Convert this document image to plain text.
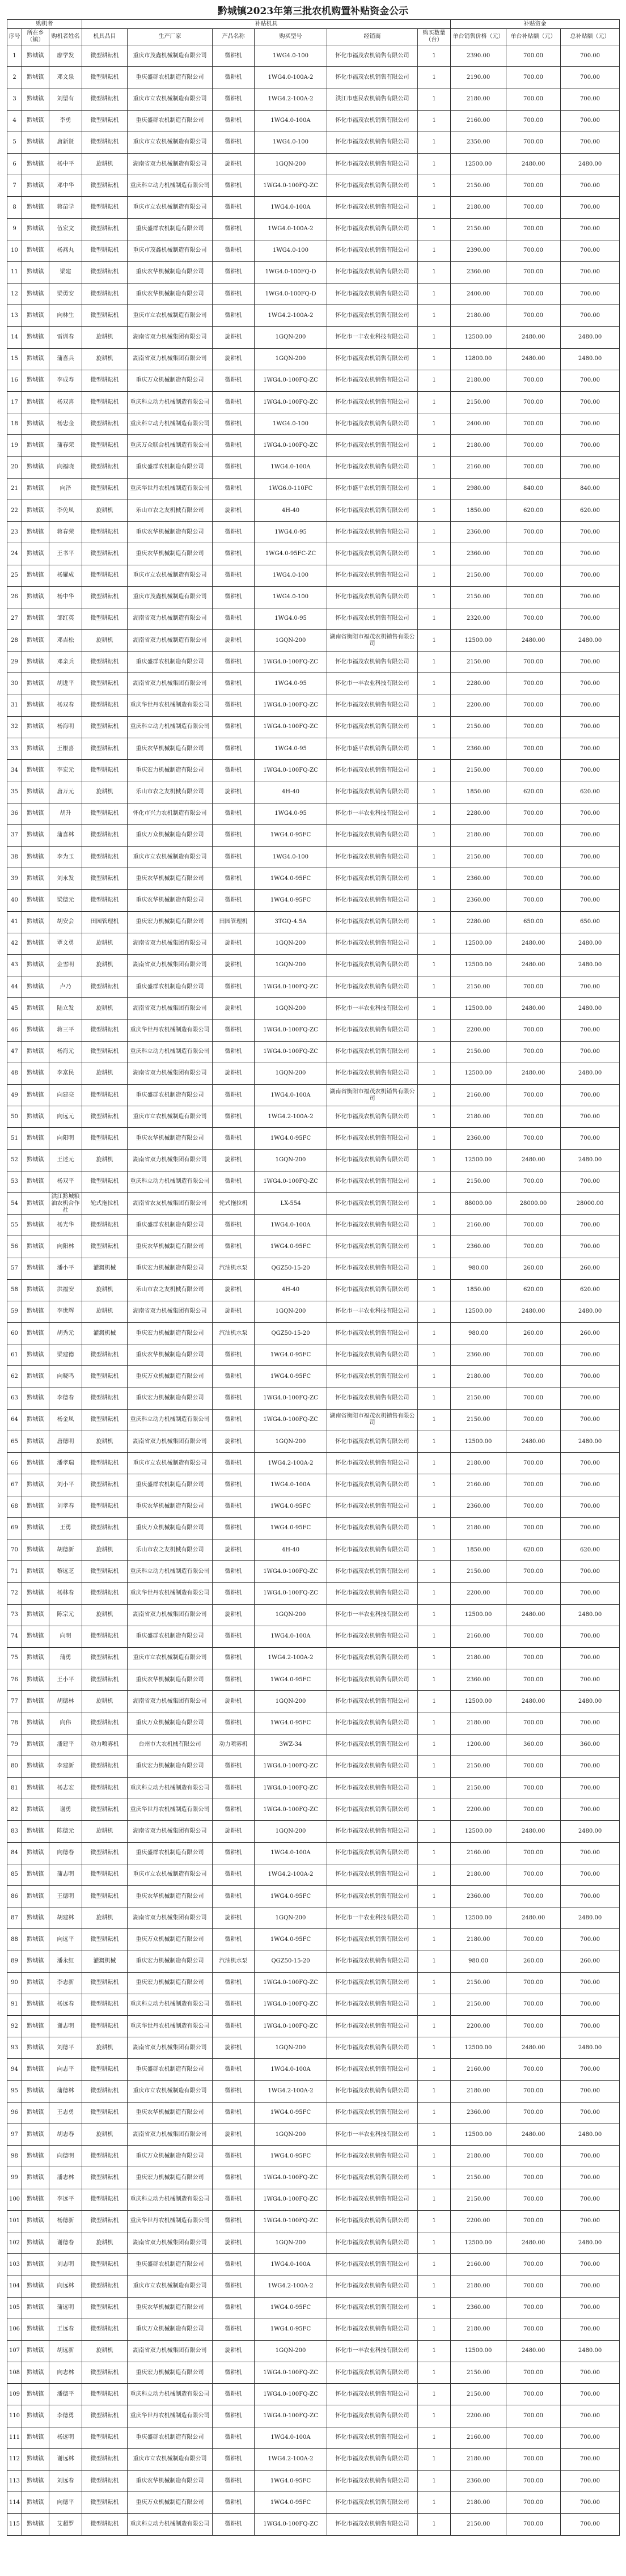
黔城镇2023年第三批农机购置补贴资金公示
购机者			补贴机具						补贴资金		
序号	所在乡（镇）	购机者姓名	机具品目	生产厂家	产品名称	购买型号	经销商	购买数量（台）	单台销售价格（元）	单台补贴额（元）	总补贴额（元）
1	黔城镇	廖学发	微型耕耘机	重庆市茂鑫机械制造有限公司	微耕机	1WG4.0-100	怀化市福茂农机销售有限公司	1	2390.00	700.00	700.00
2	黔城镇	邓文泉	微型耕耘机	重庆盛群农机制造有限公司	微耕机	1WG4.0-100A-2	怀化市福茂农机销售有限公司	1	2190.00	700.00	700.00
3	黔城镇	刘望有	微型耕耘机	重庆市立农机械制造有限公司	微耕机	1WG4.2-100A-2	洪江市惠民农机销售有限公司	1	2180.00	700.00	700.00
4	黔城镇	李勇	微型耕耘机	重庆盛群农机制造有限公司	微耕机	1WG4.0-100A	怀化市福茂农机销售有限公司	1	2160.00	700.00	700.00
5	黔城镇	唐新贤	微型耕耘机	重庆市立农机械制造有限公司	微耕机	1WG4.0-100	怀化市福茂农机销售有限公司	1	2350.00	700.00	700.00
6	黔城镇	杨中平	旋耕机	湖南省双力机械制造有限公司	旋耕机	1GQN-200	怀化市福茂农机销售有限公司	1	12500.00	2480.00	2480.00
7	黔城镇	邓中华	微型耕耘机	重庆科立动力机械制造有限公司	微耕机	1WG4.0-100FQ-ZC	怀化市福茂农机销售有限公司	1	2150.00	700.00	700.00
8	黔城镇	蒋苗学	微型耕耘机	重庆市立农机械制造有限公司	微耕机	1WG4.0-100A	怀化市福茂农机销售有限公司	1	2180.00	700.00	700.00
9	黔城镇	伍宏文	微型耕耘机	重庆盛群农机制造有限公司	微耕机	1WG4.0-100A-2	怀化市福茂农机销售有限公司	1	2150.00	700.00	700.00
10	黔城镇	杨燕丸	微型耕耘机	重庆市茂鑫机械制造有限公司	微耕机	1WG4.0-100	怀化市福茂农机销售有限公司	1	2390.00	700.00	700.00
11	黔城镇	梁建	微型耕耘机	重庆农华机械制造有限公司	微耕机	1WG4.0-100FQ-D	怀化市福茂农机销售有限公司	1	2360.00	700.00	700.00
12	黔城镇	梁勇安	微型耕耘机	重庆农华机械制造有限公司	微耕机	1WG4.0-100FQ-D	怀化市福茂农机销售有限公司	1	2400.00	700.00	700.00
13	黔城镇	向林生	微型耕耘机	重庆市立农机械制造有限公司	微耕机	1WG4.2-100A-2	怀化市福茂农机销售有限公司	1	2180.00	700.00	700.00
14	黔城镇	雷训春	旋耕机	湖南省双力机械集团有限公司	旋耕机	1GQN-200	怀化市一丰农业科技有限公司	1	12500.00	2480.00	2480.00
15	黔城镇	蒲喜兵	旋耕机	湖南省双力机械集团有限公司	旋耕机	1GQN-200	怀化市福茂农机销售有限公司	1	12800.00	2480.00	2480.00
16	黔城镇	李成寿	微型耕耘机	重庆万众机械制造有限公司	微耕机	1WG4.0-100FQ-ZC	怀化市福茂农机销售有限公司	1	2180.00	700.00	700.00
17	黔城镇	杨双喜	微型耕耘机	重庆科立动力机械制造有限公司	微耕机	1WG4.0-100FQ-ZC	怀化市福茂农机销售有限公司	1	2150.00	700.00	700.00
18	黔城镇	杨忠金	微型耕耘机	重庆科立动力机械制造有限公司	微耕机	1WG4.0-100	怀化市福茂农机销售有限公司	1	2400.00	700.00	700.00
19	黔城镇	蒲春荣	微型耕耘机	重庆万众联合机械制造有限公司	微耕机	1WG4.0-100FQ-ZC	怀化市福茂农机销售有限公司	1	2180.00	700.00	700.00
20	黔城镇	向福晓	微型耕耘机	重庆盛群农机制造有限公司	微耕机	1WG4.0-100A	怀化市福茂农机销售有限公司	1	2160.00	700.00	700.00
21	黔城镇	向泽	微型耕耘机	重庆华世丹农机械制造有限公司	微耕机	1WG6.0-110FC	怀化市盛平农机销售有限公司	1	2980.00	840.00	840.00
22	黔城镇	李免凤	旋耕机	乐山市农之友机械有限公司	旋耕机	4H-40	怀化市福茂农机销售有限公司	1	1850.00	620.00	620.00
23	黔城镇	蒋春荣	微型耕耘机	重庆农华机械制造有限公司	微耕机	1WG4.0-95	怀化市福茂农机销售有限公司	1	2360.00	700.00	700.00
24	黔城镇	王书平	微型耕耘机	重庆农华机械制造有限公司	微耕机	1WG4.0-95FC-ZC	怀化市福茂农机销售有限公司	1	2360.00	700.00	700.00
25	黔城镇	杨耀成	微型耕耘机	重庆市立农机械制造有限公司	微耕机	1WG4.0-100	怀化市福茂农机销售有限公司	1	2150.00	700.00	700.00
26	黔城镇	杨中华	微型耕耘机	重庆市茂鑫机械制造有限公司	微耕机	1WG4.0-100	怀化市福茂农机销售有限公司	1	2150.00	700.00	700.00
27	黔城镇	邹红英	微型耕耘机	湖南省双力机械制造有限公司	微耕机	1WG4.0-95	怀化市福茂农机销售有限公司	1	2320.00	700.00	700.00
28	黔城镇	邓吉松	旋耕机	湖南省双力机械制造有限公司	旋耕机	1GQN-200	湖南省衡阳市福茂农机销售有限公司	1	12500.00	2480.00	2480.00
29	黔城镇	邓亲兵	微型耕耘机	重庆盛群农机制造有限公司	微耕机	1WG4.0-100FQ-ZC	怀化市福茂农机销售有限公司	1	2150.00	700.00	700.00
30	黔城镇	胡进平	微型耕耘机	湖南省双力机械集团有限公司	微耕机	1WG4.0-95	怀化市一丰农业科技有限公司	1	2280.00	700.00	700.00
31	黔城镇	杨双春	微型耕耘机	重庆华世丹农机械制造有限公司	微耕机	1WG4.0-100FQ-ZC	怀化市福茂农机销售有限公司	1	2200.00	700.00	700.00
32	黔城镇	杨海明	微型耕耘机	重庆科立动力机械制造有限公司	微耕机	1WG4.0-100FQ-ZC	怀化市福茂农机销售有限公司	1	2150.00	700.00	700.00
33	黔城镇	王根喜	微型耕耘机	重庆农华机械制造有限公司	微耕机	1WG4.0-95	怀化市盛平农机销售有限公司	1	2360.00	700.00	700.00
34	黔城镇	李宏元	微型耕耘机	重庆宏力机械制造有限公司	微耕机	1WG4.0-100FQ-ZC	怀化市福茂农机销售有限公司	1	2150.00	700.00	700.00
35	黔城镇	唐万元	旋耕机	乐山市农之友机械有限公司	旋耕机	4H-40	怀化市福茂农机销售有限公司	1	1850.00	620.00	620.00
36	黔城镇	胡升	微型耕耘机	怀化市兴力农机制造有限公司	微耕机	1WG4.0-95	怀化市一丰农业科技有限公司	1	2280.00	700.00	700.00
37	黔城镇	蒲喜林	微型耕耘机	重庆万众机械制造有限公司	微耕机	1WG4.0-95FC	怀化市福茂农机销售有限公司	1	2180.00	700.00	700.00
38	黔城镇	李为玉	微型耕耘机	重庆市立农机械制造有限公司	微耕机	1WG4.0-100	怀化市福茂农机销售有限公司	1	2150.00	700.00	700.00
39	黔城镇	刘永发	微型耕耘机	重庆农华机械制造有限公司	微耕机	1WG4.0-95FC	怀化市福茂农机销售有限公司	1	2360.00	700.00	700.00
40	黔城镇	梁德元	微型耕耘机	重庆农华机械制造有限公司	微耕机	1WG4.0-95FC	怀化市福茂农机销售有限公司	1	2360.00	700.00	700.00
41	黔城镇	胡安会	田园管理机	重庆宏力机械制造有限公司	田园管理机	3TGQ-4.5A	怀化市福茂农机销售有限公司	1	2280.00	650.00	650.00
42	黔城镇	覃文勇	旋耕机	湖南省双力机械集团有限公司	旋耕机	1GQN-200	怀化市福茂农机销售有限公司	1	12500.00	2480.00	2480.00
43	黔城镇	金雪明	旋耕机	湖南省双力机械集团有限公司	旋耕机	1GQN-200	怀化市福茂农机销售有限公司	1	12500.00	2480.00	2480.00
44	黔城镇	卢乃	微型耕耘机	重庆盛群农机制造有限公司	微耕机	1WG4.0-100FQ-ZC	怀化市福茂农机销售有限公司	1	2150.00	700.00	700.00
45	黔城镇	陆立发	旋耕机	湖南省双力机械集团有限公司	旋耕机	1GQN-200	怀化市一丰农业科技有限公司	1	12500.00	2480.00	2480.00
46	黔城镇	蒋三平	微型耕耘机	重庆华世丹农机械制造有限公司	微耕机	1WG4.0-100FQ-ZC	怀化市福茂农机销售有限公司	1	2200.00	700.00	700.00
47	黔城镇	杨海元	微型耕耘机	重庆科立动力机械制造有限公司	微耕机	1WG4.0-100FQ-ZC	怀化市福茂农机销售有限公司	1	2150.00	700.00	700.00
48	黔城镇	李富民	旋耕机	湖南省双力机械集团有限公司	旋耕机	1GQN-200	怀化市福茂农机销售有限公司	1	12500.00	2480.00	2480.00
49	黔城镇	向建亮	微型耕耘机	重庆盛群农机制造有限公司	微耕机	1WG4.0-100A	湖南省衡阳市福茂农机销售有限公司	1	2160.00	700.00	700.00
50	黔城镇	向远元	微型耕耘机	重庆市立农机械制造有限公司	微耕机	1WG4.2-100A-2	怀化市福茂农机销售有限公司	1	2180.00	700.00	700.00
51	黔城镇	向阳明	微型耕耘机	重庆农华机械制造有限公司	微耕机	1WG4.0-95FC	怀化市福茂农机销售有限公司	1	2360.00	700.00	700.00
52	黔城镇	王述元	旋耕机	湖南省双力机械集团有限公司	旋耕机	1GQN-200	怀化市福茂农机销售有限公司	1	12500.00	2480.00	2480.00
53	黔城镇	杨双平	微型耕耘机	重庆科立动力机械制造有限公司	微耕机	1WG4.0-100FQ-ZC	怀化市福茂农机销售有限公司	1	2150.00	700.00	700.00
54	黔城镇	洪江黔城粮油农机合作社	轮式拖拉机	湖南省农友机械集团有限公司	轮式拖拉机	LX-554	怀化市福茂农机销售有限公司	1	88000.00	28000.00	28000.00
55	黔城镇	杨光华	微型耕耘机	重庆盛群农机制造有限公司	微耕机	1WG4.0-100A	怀化市福茂农机销售有限公司	1	2160.00	700.00	700.00
56	黔城镇	向阳林	微型耕耘机	重庆农华机械制造有限公司	微耕机	1WG4.0-95FC	怀化市福茂农机销售有限公司	1	2360.00	700.00	700.00
57	黔城镇	潘小平	灌溉机械	重庆宏力机械制造有限公司	汽油机水泵	QGZ50-15-20	怀化市福茂农机销售有限公司	1	980.00	260.00	260.00
58	黔城镇	洪福安	旋耕机	乐山市农之友机械有限公司	旋耕机	4H-40	怀化市福茂农机销售有限公司	1	1850.00	620.00	620.00
59	黔城镇	李世辉	旋耕机	湖南省双力机械集团有限公司	旋耕机	1GQN-200	怀化市一丰农业科技有限公司	1	12500.00	2480.00	2480.00
60	黔城镇	胡秀元	灌溉机械	重庆宏力机械制造有限公司	汽油机水泵	QGZ50-15-20	怀化市福茂农机销售有限公司	1	980.00	260.00	260.00
61	黔城镇	梁建德	微型耕耘机	重庆农华机械制造有限公司	微耕机	1WG4.0-95FC	怀化市福茂农机销售有限公司	1	2360.00	700.00	700.00
62	黔城镇	向晓鸣	微型耕耘机	重庆万众机械制造有限公司	微耕机	1WG4.0-95FC	怀化市福茂农机销售有限公司	1	2180.00	700.00	700.00
63	黔城镇	李德春	微型耕耘机	重庆宏力机械制造有限公司	微耕机	1WG4.0-100FQ-ZC	怀化市福茂农机销售有限公司	1	2150.00	700.00	700.00
64	黔城镇	杨金凤	微型耕耘机	重庆科立动力机械制造有限公司	微耕机	1WG4.0-100FQ-ZC	湖南省衡阳市福茂农机销售有限公司	1	2150.00	700.00	700.00
65	黔城镇	唐德明	旋耕机	湖南省双力机械集团有限公司	旋耕机	1GQN-200	怀化市福茂农机销售有限公司	1	12500.00	2480.00	2480.00
66	黔城镇	潘孝瑞	微型耕耘机	重庆市立农机械制造有限公司	微耕机	1WG4.2-100A-2	怀化市福茂农机销售有限公司	1	2180.00	700.00	700.00
67	黔城镇	刘小平	微型耕耘机	重庆盛群农机制造有限公司	微耕机	1WG4.0-100A	怀化市福茂农机销售有限公司	1	2160.00	700.00	700.00
68	黔城镇	刘孝春	微型耕耘机	重庆农华机械制造有限公司	微耕机	1WG4.0-95FC	怀化市福茂农机销售有限公司	1	2360.00	700.00	700.00
69	黔城镇	王勇	微型耕耘机	重庆万众机械制造有限公司	微耕机	1WG4.0-95FC	怀化市福茂农机销售有限公司	1	2180.00	700.00	700.00
70	黔城镇	胡德新	旋耕机	乐山市农之友机械有限公司	旋耕机	4H-40	怀化市福茂农机销售有限公司	1	1850.00	620.00	620.00
71	黔城镇	黎远芝	微型耕耘机	重庆科立动力机械制造有限公司	微耕机	1WG4.0-100FQ-ZC	怀化市福茂农机销售有限公司	1	2150.00	700.00	700.00
72	黔城镇	杨林春	微型耕耘机	重庆华世丹农机械制造有限公司	微耕机	1WG4.0-100FQ-ZC	怀化市福茂农机销售有限公司	1	2200.00	700.00	700.00
73	黔城镇	陈宗元	旋耕机	湖南省双力机械集团有限公司	旋耕机	1GQN-200	怀化市一丰农业科技有限公司	1	12500.00	2480.00	2480.00
74	黔城镇	向明	微型耕耘机	重庆盛群农机制造有限公司	微耕机	1WG4.0-100A	怀化市福茂农机销售有限公司	1	2160.00	700.00	700.00
75	黔城镇	蒲勇	微型耕耘机	重庆市立农机械制造有限公司	微耕机	1WG4.2-100A-2	怀化市福茂农机销售有限公司	1	2180.00	700.00	700.00
76	黔城镇	王小平	微型耕耘机	重庆农华机械制造有限公司	微耕机	1WG4.0-95FC	怀化市福茂农机销售有限公司	1	2360.00	700.00	700.00
77	黔城镇	胡德林	旋耕机	湖南省双力机械集团有限公司	旋耕机	1GQN-200	怀化市福茂农机销售有限公司	1	12500.00	2480.00	2480.00
78	黔城镇	向伟	微型耕耘机	重庆万众机械制造有限公司	微耕机	1WG4.0-95FC	怀化市福茂农机销售有限公司	1	2180.00	700.00	700.00
79	黔城镇	潘建平	动力喷雾机	台州市大农机械有限公司	动力喷雾机	3WZ-34	怀化市福茂农机销售有限公司	1	1200.00	360.00	360.00
80	黔城镇	李建新	微型耕耘机	重庆宏力机械制造有限公司	微耕机	1WG4.0-100FQ-ZC	怀化市福茂农机销售有限公司	1	2150.00	700.00	700.00
81	黔城镇	杨志宏	微型耕耘机	重庆科立动力机械制造有限公司	微耕机	1WG4.0-100FQ-ZC	怀化市福茂农机销售有限公司	1	2150.00	700.00	700.00
82	黔城镇	谢勇	微型耕耘机	重庆华世丹农机械制造有限公司	微耕机	1WG4.0-100FQ-ZC	怀化市福茂农机销售有限公司	1	2200.00	700.00	700.00
83	黔城镇	陈德元	旋耕机	湖南省双力机械集团有限公司	旋耕机	1GQN-200	怀化市福茂农机销售有限公司	1	12500.00	2480.00	2480.00
84	黔城镇	向德春	微型耕耘机	重庆盛群农机制造有限公司	微耕机	1WG4.0-100A	怀化市福茂农机销售有限公司	1	2160.00	700.00	700.00
85	黔城镇	蒲志明	微型耕耘机	重庆市立农机械制造有限公司	微耕机	1WG4.2-100A-2	怀化市福茂农机销售有限公司	1	2180.00	700.00	700.00
86	黔城镇	王德明	微型耕耘机	重庆农华机械制造有限公司	微耕机	1WG4.0-95FC	怀化市福茂农机销售有限公司	1	2360.00	700.00	700.00
87	黔城镇	胡建林	旋耕机	湖南省双力机械集团有限公司	旋耕机	1GQN-200	怀化市一丰农业科技有限公司	1	12500.00	2480.00	2480.00
88	黔城镇	向远平	微型耕耘机	重庆万众机械制造有限公司	微耕机	1WG4.0-95FC	怀化市福茂农机销售有限公司	1	2180.00	700.00	700.00
89	黔城镇	潘永红	灌溉机械	重庆宏力机械制造有限公司	汽油机水泵	QGZ50-15-20	怀化市福茂农机销售有限公司	1	980.00	260.00	260.00
90	黔城镇	李志新	微型耕耘机	重庆宏力机械制造有限公司	微耕机	1WG4.0-100FQ-ZC	怀化市福茂农机销售有限公司	1	2150.00	700.00	700.00
91	黔城镇	杨远春	微型耕耘机	重庆科立动力机械制造有限公司	微耕机	1WG4.0-100FQ-ZC	怀化市福茂农机销售有限公司	1	2150.00	700.00	700.00
92	黔城镇	谢志明	微型耕耘机	重庆华世丹农机械制造有限公司	微耕机	1WG4.0-100FQ-ZC	怀化市福茂农机销售有限公司	1	2200.00	700.00	700.00
93	黔城镇	刘德平	旋耕机	湖南省双力机械集团有限公司	旋耕机	1GQN-200	怀化市福茂农机销售有限公司	1	12500.00	2480.00	2480.00
94	黔城镇	向志平	微型耕耘机	重庆盛群农机制造有限公司	微耕机	1WG4.0-100A	怀化市福茂农机销售有限公司	1	2160.00	700.00	700.00
95	黔城镇	蒲德林	微型耕耘机	重庆市立农机械制造有限公司	微耕机	1WG4.2-100A-2	怀化市福茂农机销售有限公司	1	2180.00	700.00	700.00
96	黔城镇	王志勇	微型耕耘机	重庆农华机械制造有限公司	微耕机	1WG4.0-95FC	怀化市福茂农机销售有限公司	1	2360.00	700.00	700.00
97	黔城镇	胡志春	旋耕机	湖南省双力机械集团有限公司	旋耕机	1GQN-200	怀化市一丰农业科技有限公司	1	12500.00	2480.00	2480.00
98	黔城镇	向德明	微型耕耘机	重庆万众机械制造有限公司	微耕机	1WG4.0-95FC	怀化市福茂农机销售有限公司	1	2180.00	700.00	700.00
99	黔城镇	潘志林	微型耕耘机	重庆宏力机械制造有限公司	微耕机	1WG4.0-100FQ-ZC	怀化市福茂农机销售有限公司	1	2150.00	700.00	700.00
100	黔城镇	李远平	微型耕耘机	重庆科立动力机械制造有限公司	微耕机	1WG4.0-100FQ-ZC	怀化市福茂农机销售有限公司	1	2150.00	700.00	700.00
101	黔城镇	杨德新	微型耕耘机	重庆华世丹农机械制造有限公司	微耕机	1WG4.0-100FQ-ZC	怀化市福茂农机销售有限公司	1	2200.00	700.00	700.00
102	黔城镇	谢德春	旋耕机	湖南省双力机械集团有限公司	旋耕机	1GQN-200	怀化市福茂农机销售有限公司	1	12500.00	2480.00	2480.00
103	黔城镇	刘志明	微型耕耘机	重庆盛群农机制造有限公司	微耕机	1WG4.0-100A	怀化市福茂农机销售有限公司	1	2160.00	700.00	700.00
104	黔城镇	向远林	微型耕耘机	重庆市立农机械制造有限公司	微耕机	1WG4.2-100A-2	怀化市福茂农机销售有限公司	1	2180.00	700.00	700.00
105	黔城镇	蒲远明	微型耕耘机	重庆农华机械制造有限公司	微耕机	1WG4.0-95FC	怀化市福茂农机销售有限公司	1	2360.00	700.00	700.00
106	黔城镇	王远春	微型耕耘机	重庆万众机械制造有限公司	微耕机	1WG4.0-95FC	怀化市福茂农机销售有限公司	1	2180.00	700.00	700.00
107	黔城镇	胡远新	旋耕机	湖南省双力机械集团有限公司	旋耕机	1GQN-200	怀化市一丰农业科技有限公司	1	12500.00	2480.00	2480.00
108	黔城镇	向志林	微型耕耘机	重庆宏力机械制造有限公司	微耕机	1WG4.0-100FQ-ZC	怀化市福茂农机销售有限公司	1	2150.00	700.00	700.00
109	黔城镇	潘德平	微型耕耘机	重庆科立动力机械制造有限公司	微耕机	1WG4.0-100FQ-ZC	怀化市福茂农机销售有限公司	1	2150.00	700.00	700.00
110	黔城镇	李德勇	微型耕耘机	重庆华世丹农机械制造有限公司	微耕机	1WG4.0-100FQ-ZC	怀化市福茂农机销售有限公司	1	2200.00	700.00	700.00
111	黔城镇	杨远明	微型耕耘机	重庆盛群农机制造有限公司	微耕机	1WG4.0-100A	怀化市福茂农机销售有限公司	1	2160.00	700.00	700.00
112	黔城镇	谢远林	微型耕耘机	重庆市立农机械制造有限公司	微耕机	1WG4.2-100A-2	怀化市福茂农机销售有限公司	1	2180.00	700.00	700.00
113	黔城镇	刘远春	微型耕耘机	重庆农华机械制造有限公司	微耕机	1WG4.0-95FC	怀化市福茂农机销售有限公司	1	2360.00	700.00	700.00
114	黔城镇	向德平	微型耕耘机	重庆万众机械制造有限公司	微耕机	1WG4.0-95FC	怀化市福茂农机销售有限公司	1	2180.00	700.00	700.00
115	黔城镇	艾超罗	微型耕耘机	重庆科立动力机械制造有限公司	微耕机	1WG4.0-100FQ-ZC	怀化市福茂农机销售有限公司	1	2150.00	700.00	700.00
